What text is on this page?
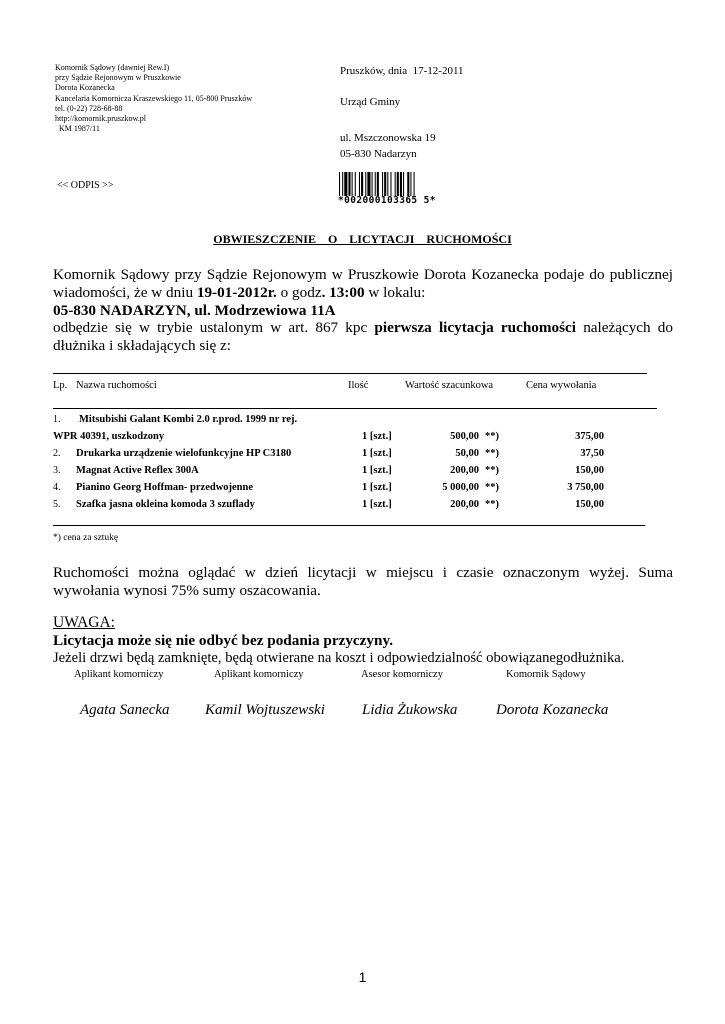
Komornik Sądowy (dawniej Rew.I)
przy Sądzie Rejonowym w Pruszkowie
Dorota Kozanecka
Kancelaria Komornicza Kraszewskiego 11, 05-800 Pruszków
tel. (0-22) 728-68-88
http://komornik.pruszkow.pl
KM 1987/11
Pruszków, dnia  17-12-2011
Urząd Gminy
ul. Mszczonowska 19
05-830 Nadarzyn
<< ODPIS >>
*002000103365 5*
OBWIESZCZENIE  O  LICYTACJI  RUCHOMOŚCI

Komornik Sądowy przy Sądzie Rejonowym w Pruszkowie Dorota Kozanecka podaje do publicznej wiadomości, że w dniu 19-01-2012r. o godz. 13:00 w lokalu:

05-830 NADARZYN, ul. Modrzewiowa 11A

odbędzie się w trybie ustalonym w art. 867 kpc pierwsza licytacja ruchomości należących do dłużnika i składających się z:

Lp. Nazwa ruchomości	Ilość	Wartość szacunkowa	Cena wywołania
1. Mitsubishi Galant Kombi 2.0 r.prod. 1999 nr rej.
WPR 40391, uszkodzony	1 [szt.]	500,00 **)	375,00
2. Drukarka urządzenie wielofunkcyjne HP C3180	1 [szt.]	50,00 **)	37,50
3. Magnat Active Reflex 300A	1 [szt.]	200,00 **)	150,00
4. Pianino Georg Hoffman- przedwojenne	1 [szt.]	5 000,00 **)	3 750,00
5. Szafka jasna okleina komoda 3 szuflady	1 [szt.]	200,00 **)	150,00
*) cena za sztukę
Ruchomości można oglądać w dzień licytacji w miejscu i czasie oznaczonym wyżej. Suma wywołania wynosi 75% sumy oszacowania.
UWAGA:
Licytacja może się nie odbyć bez podania przyczyny.
Jeżeli drzwi będą zamknięte, będą otwierane na koszt i odpowiedzialność obowiązanegodłużnika.
Aplikant komorniczy
Agata Sanecka
Aplikant komorniczy
Kamil Wojtuszewski
Asesor komorniczy
Lidia Żukowska
Komornik Sądowy
Dorota Kozanecka
1
